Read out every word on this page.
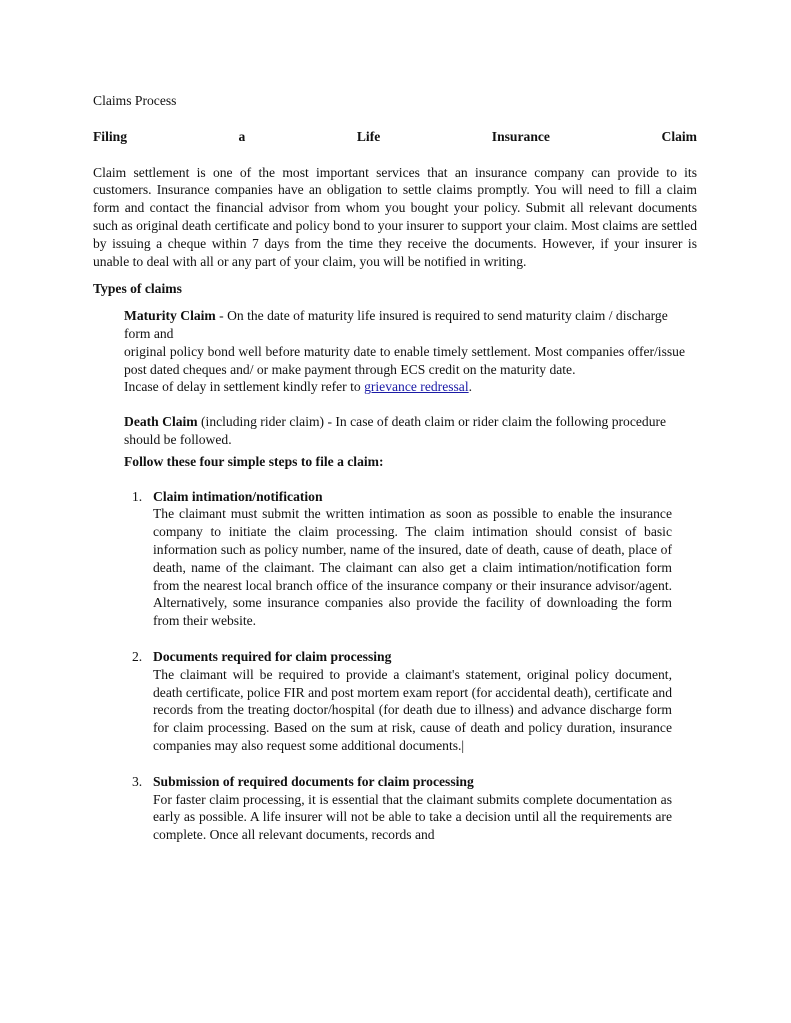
Claims Process
Filing	a	Life	Insurance	Claim
Claim settlement is one of the most important services that an insurance company can provide to its customers. Insurance companies have an obligation to settle claims promptly. You will need to fill a claim form and contact the financial advisor from whom you bought your policy. Submit all relevant documents such as original death certificate and policy bond to your insurer to support your claim. Most claims are settled by issuing a cheque within 7 days from the time they receive the documents. However, if your insurer is unable to deal with all or any part of your claim, you will be notified in writing.
Types of claims
Maturity Claim - On the date of maturity life insured is required to send maturity claim / discharge form and
original policy bond well before maturity date to enable timely settlement. Most companies offer/issue post dated cheques and/ or make payment through ECS credit on the maturity date.
Incase of delay in settlement kindly refer to grievance redressal.
Death Claim (including rider claim) - In case of death claim or rider claim the following procedure should be followed.
Follow these four simple steps to file a claim:
1. Claim intimation/notification
The claimant must submit the written intimation as soon as possible to enable the insurance company to initiate the claim processing. The claim intimation should consist of basic information such as policy number, name of the insured, date of death, cause of death, place of death, name of the claimant. The claimant can also get a claim intimation/notification form from the nearest local branch office of the insurance company or their insurance advisor/agent. Alternatively, some insurance companies also provide the facility of downloading the form from their website.
2. Documents required for claim processing
The claimant will be required to provide a claimant's statement, original policy document, death certificate, police FIR and post mortem exam report (for accidental death), certificate and records from the treating doctor/hospital (for death due to illness) and advance discharge form for claim processing. Based on the sum at risk, cause of death and policy duration, insurance companies may also request some additional documents.|
3. Submission of required documents for claim processing
For faster claim processing, it is essential that the claimant submits complete documentation as early as possible. A life insurer will not be able to take a decision until all the requirements are complete. Once all relevant documents, records and
